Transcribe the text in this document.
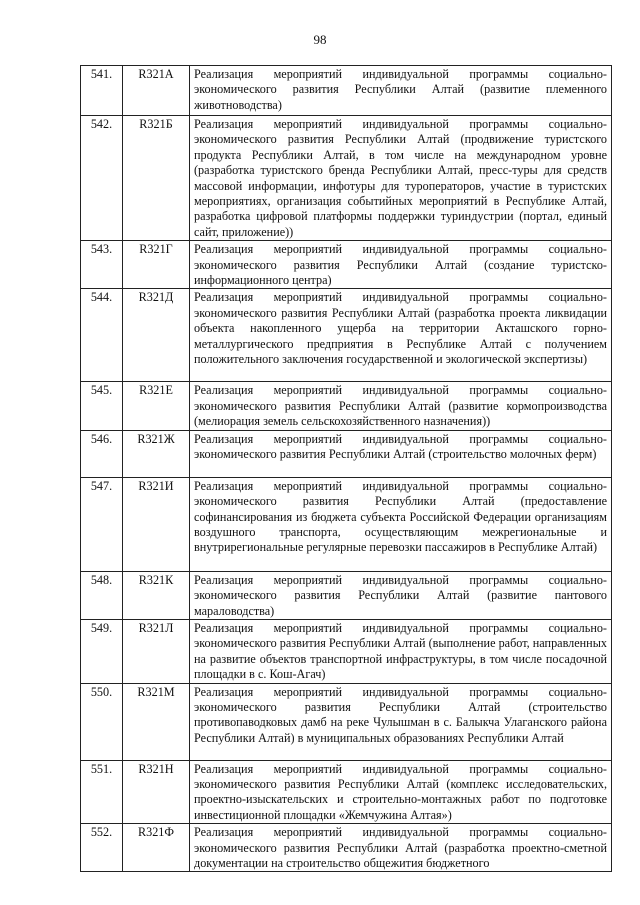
98
541.	R321A	Реализация мероприятий индивидуальной программы социально-экономического развития Республики Алтай (развитие племенного животноводства)
542.	R321Б	Реализация мероприятий индивидуальной программы социально-экономического развития Республики Алтай (продвижение туристского продукта Республики Алтай, в том числе на международном уровне (разработка туристского бренда Республики Алтай, пресс-туры для средств массовой информации, инфотуры для туроператоров, участие в туристских мероприятиях, организация событийных мероприятий в Республике Алтай, разработка цифровой платформы поддержки туриндустрии (портал, единый сайт, приложение))
543.	R321Г	Реализация мероприятий индивидуальной программы социально-экономического развития Республики Алтай (создание туристско-информационного центра)
544.	R321Д	Реализация мероприятий индивидуальной программы социально-экономического развития Республики Алтай (разработка проекта ликвидации объекта накопленного ущерба на территории Акташского горно-металлургического предприятия в Республике Алтай с получением положительного заключения государственной и экологической экспертизы)
545.	R321Е	Реализация мероприятий индивидуальной программы социально-экономического развития Республики Алтай (развитие кормопроизводства (мелиорация земель сельскохозяйственного назначения))
546.	R321Ж	Реализация мероприятий индивидуальной программы социально-экономического развития Республики Алтай (строительство молочных ферм)
547.	R321И	Реализация мероприятий индивидуальной программы социально-экономического развития Республики Алтай (предоставление софинансирования из бюджета субъекта Российской Федерации организациям воздушного транспорта, осуществляющим межрегиональные и внутрирегиональные регулярные перевозки пассажиров в Республике Алтай)
548.	R321К	Реализация мероприятий индивидуальной программы социально-экономического развития Республики Алтай (развитие пантового мараловодства)
549.	R321Л	Реализация мероприятий индивидуальной программы социально-экономического развития Республики Алтай (выполнение работ, направленных на развитие объектов транспортной инфраструктуры, в том числе посадочной площадки в с. Кош-Агач)
550.	R321М	Реализация мероприятий индивидуальной программы социально-экономического развития Республики Алтай (строительство противопаводковых дамб на реке Чулышман в с. Балыкча Улаганского района Республики Алтай) в муниципальных образованиях Республики Алтай
551.	R321Н	Реализация мероприятий индивидуальной программы социально-экономического развития Республики Алтай (комплекс исследовательских, проектно-изыскательских и строительно-монтажных работ по подготовке инвестиционной площадки «Жемчужина Алтая»)
552.	R321Ф	Реализация мероприятий индивидуальной программы социально-экономического развития Республики Алтай (разработка проектно-сметной документации на строительство общежития бюджетного
